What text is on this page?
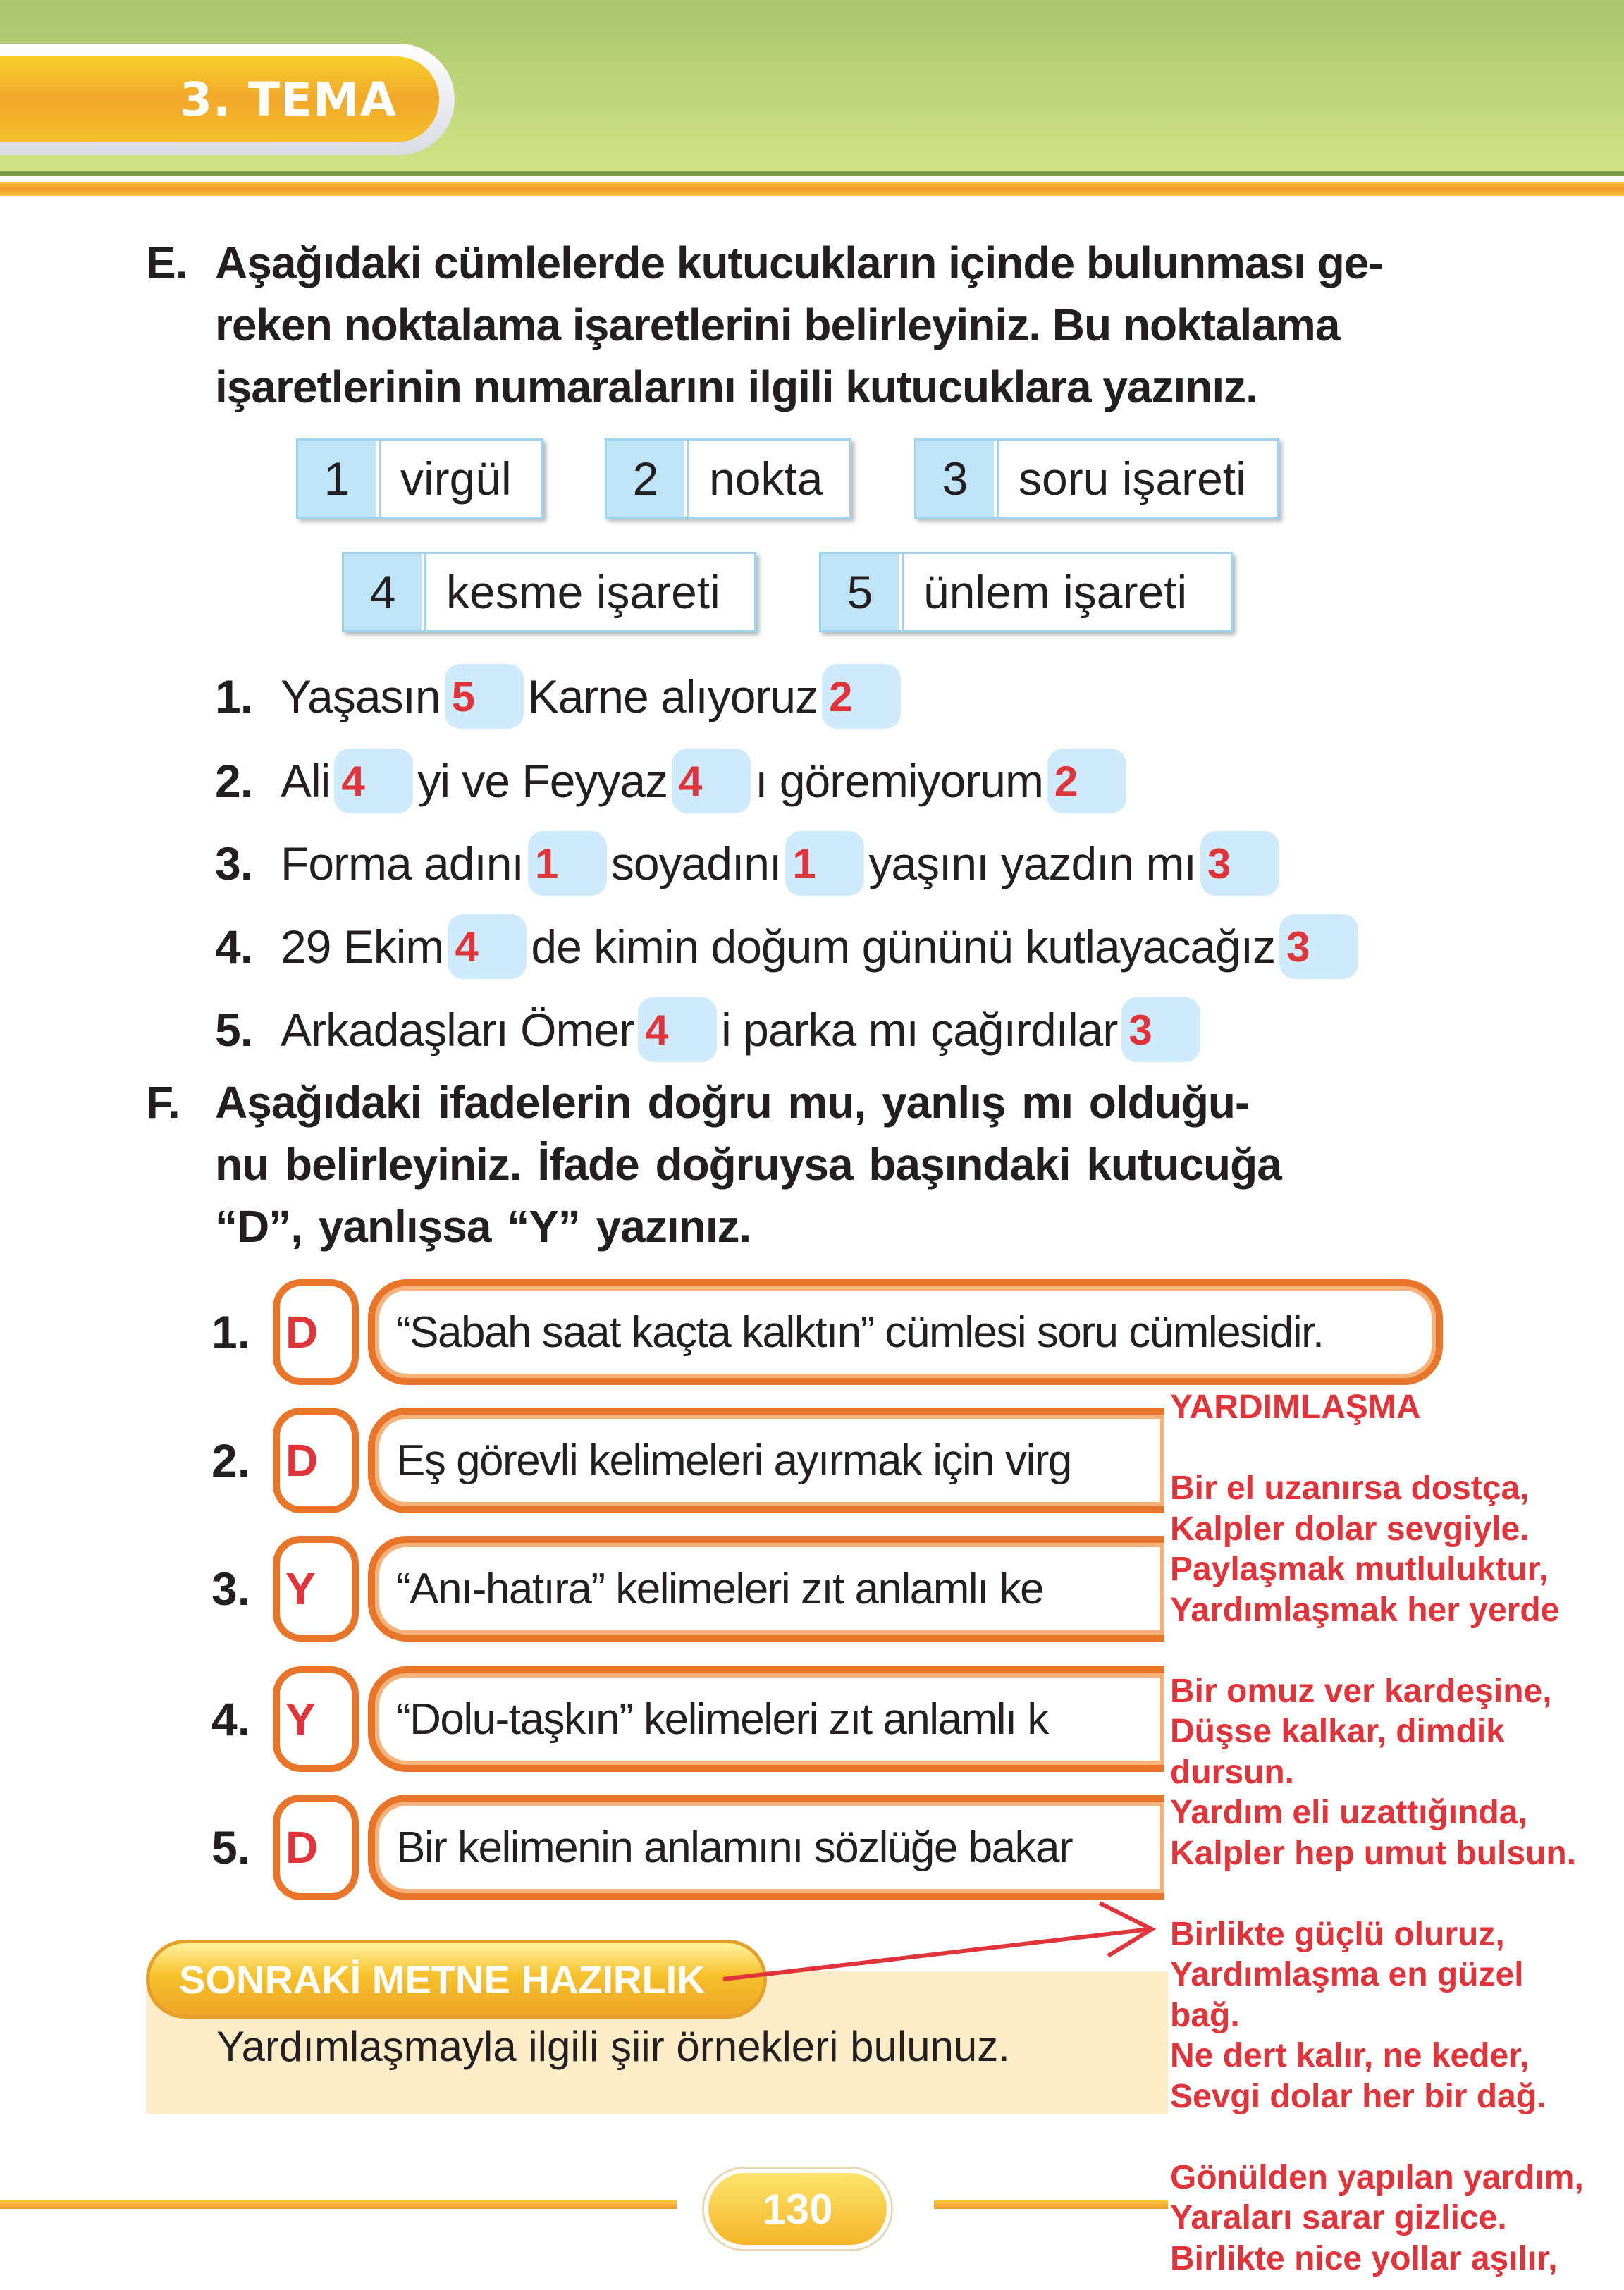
3. TEMA
E. Aşağıdaki cümlelerde kutucukların içinde bulunması ge-
reken noktalama işaretlerini belirleyiniz. Bu noktalama
işaretlerinin numaralarını ilgili kutucuklara yazınız.
1	virgül	2	nokta	3	soru işareti
4	kesme işareti	5	ünlem işareti
1. Yaşasın 5	Karne alıyoruz 2
2. Ali 4	yi ve Feyyaz 4	ı göremiyorum 2
3. Forma adını 1	soyadını 1	yaşını yazdın mı 3
4. 29 Ekim 4	de kimin doğum gününü kutlayacağız 3
5. Arkadaşları Ömer 4	i parka mı çağırdılar 3
F. Aşağıdaki ifadelerin doğru mu, yanlış mı olduğu-
nu belirleyiniz. İfade doğruysa başındaki kutucuğa
“D”, yanlışsa “Y” yazınız.
1. D	“Sabah saat kaçta kalktın” cümlesi soru cümlesidir.
2. D	Eş görevli kelimeleri ayırmak için virg
3. Y	“Anı-hatıra” kelimeleri zıt anlamlı ke
4. Y	“Dolu-taşkın” kelimeleri zıt anlamlı k
5. D	Bir kelimenin anlamını sözlüğe bakar
Yardımlaşmayla ilgili şiir örnekleri bulunuz.
SONRAKİ METNE HAZIRLIK
YARDIMLAŞMA
Bir el uzanırsa dostça,
Kalpler dolar sevgiyle.
Paylaşmak mutluluktur,
Yardımlaşmak her yerde
Bir omuz ver kardeşine,
Düşse kalkar, dimdik
dursun.
Yardım eli uzattığında,
Kalpler hep umut bulsun.
Birlikte güçlü oluruz,
Yardımlaşma en güzel
bağ.
Ne dert kalır, ne keder,
Sevgi dolar her bir dağ.
Gönülden yapılan yardım,
Yaraları sarar gizlice.
Birlikte nice yollar aşılır,
130
